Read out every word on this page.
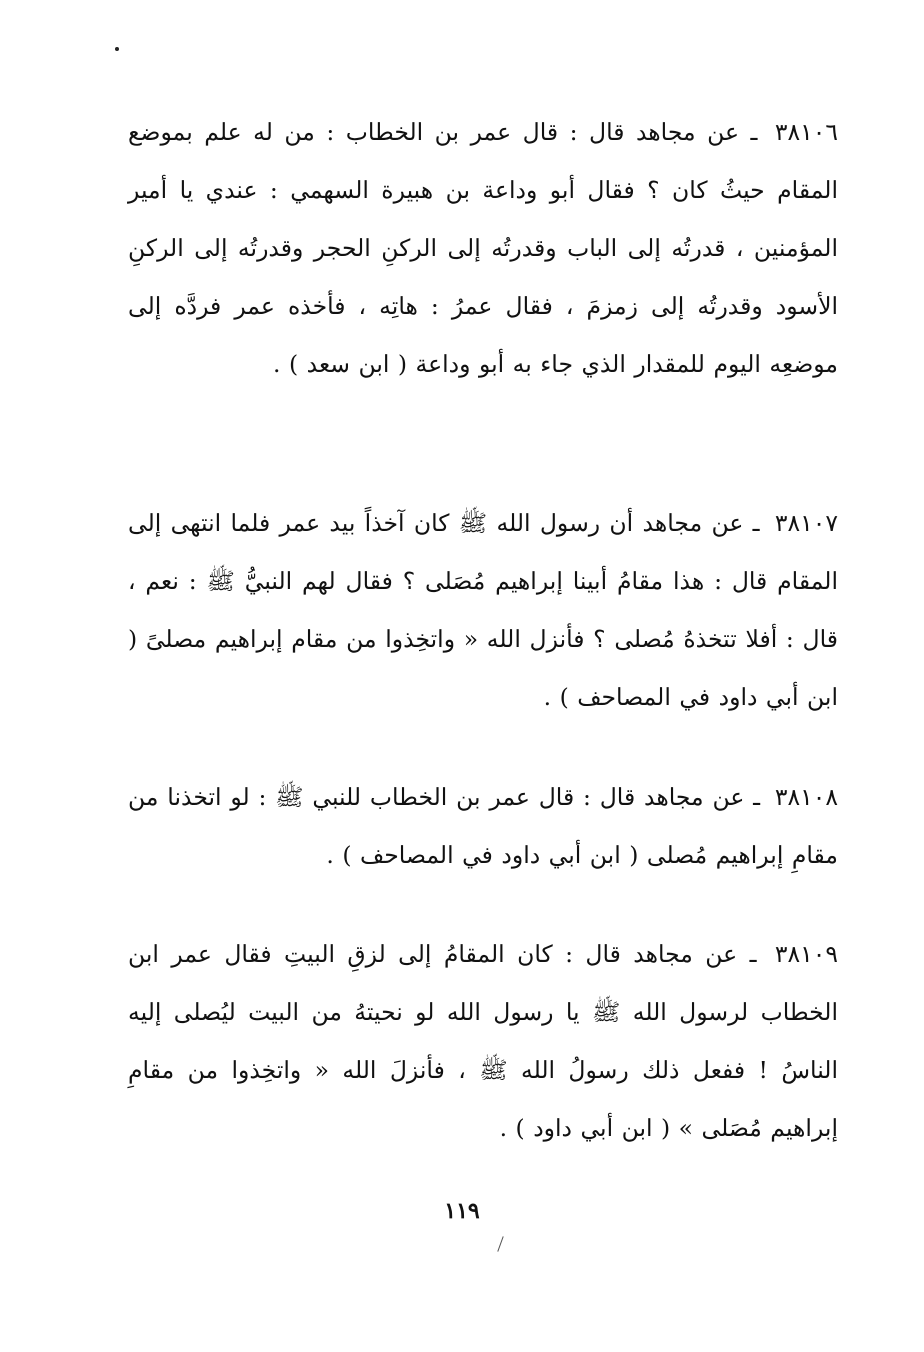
٣٨١٠٦ ـ عن مجاهد قال : قال عمر بن الخطاب : من له علم بموضع المقام حيثُ كان ؟ فقال أبو وداعة بن هبيرة السهمي : عندي يا أمير المؤمنين ، قدرتُه إلى الباب وقدرتُه إلى الركنِ الحجر وقدرتُه إلى الركنِ الأسود وقدرتُه إلى زمزمَ ، فقال عمرُ : هاتِه ، فأخذه عمر فردَّه إلى موضعِه اليوم للمقدار الذي جاء به أبو وداعة ( ابن سعد ) .
٣٨١٠٧ ـ عن مجاهد أن رسول الله ﷺ كان آخذاً بيد عمر فلما انتهى إلى المقام قال : هذا مقامُ أبينا إبراهيم مُصَلى ؟ فقال لهم النبيُّ ﷺ : نعم ، قال : أفلا تتخذهُ مُصلى ؟ فأنزل الله « واتخِذوا من مقام إبراهيم مصلىً ( ابن أبي داود في المصاحف ) .
٣٨١٠٨ ـ عن مجاهد قال : قال عمر بن الخطاب للنبي ﷺ : لو اتخذنا من مقامِ إبراهيم مُصلى ( ابن أبي داود في المصاحف ) .
٣٨١٠٩ ـ عن مجاهد قال : كان المقامُ إلى لزقِ البيتِ فقال عمر ابن الخطاب لرسول الله ﷺ يا رسول الله لو نحيتهُ من البيت ليُصلى إليه الناسُ ! ففعل ذلك رسولُ الله ﷺ ، فأنزلَ الله « واتخِذوا من مقامِ إبراهيم مُصَلى » ( ابن أبي داود ) .
١١٩
